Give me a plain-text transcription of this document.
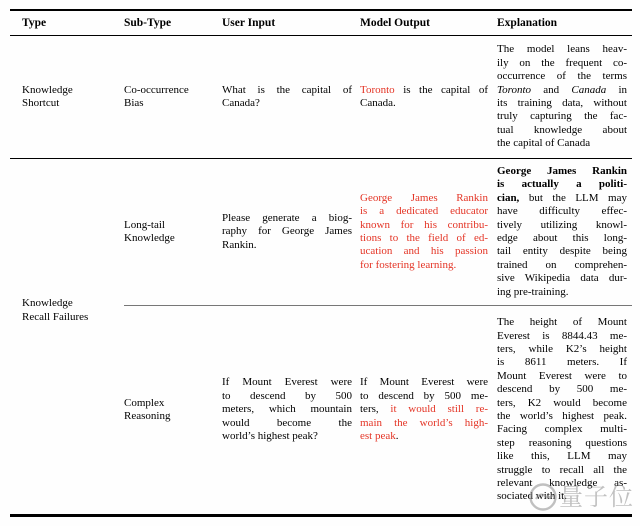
Type	Sub-Type	User Input	Model Output	Explanation

Knowledge
Shortcut

Co-occurrence
Bias

What is the capital of
Canada?

Toronto is the capital of
Canada.

The model leans heav-
ily on the frequent co-
occurrence of the terms
Toronto and Canada in
its training data, without
truly capturing the fac-
tual knowledge about
the capital of Canada

Knowledge
Recall Failures

Long-tail
Knowledge

Please generate a biog-
raphy for George James
Rankin.

George James Rankin
is a dedicated educator
known for his contribu-
tions to the field of ed-
ucation and his passion
for fostering learning.

George James Rankin
is actually a politi-
cian, but the LLM may
have difficulty effec-
tively utilizing knowl-
edge about this long-
tail entity despite being
trained on comprehen-
sive Wikipedia data dur-
ing pre-training.

Complex
Reasoning

If Mount Everest were
to descend by 500
meters, which mountain
would become the
world’s highest peak?

If Mount Everest were
to descend by 500 me-
ters, it would still re-
main the world’s high-
est peak.

The height of Mount
Everest is 8844.43 me-
ters, while K2’s height
is 8611 meters. If
Mount Everest were to
descend by 500 me-
ters, K2 would become
the world’s highest peak.
Facing complex multi-
step reasoning questions
like this, LLM may
struggle to recall all the
relevant knowledge as-
sociated with it.
量子位
